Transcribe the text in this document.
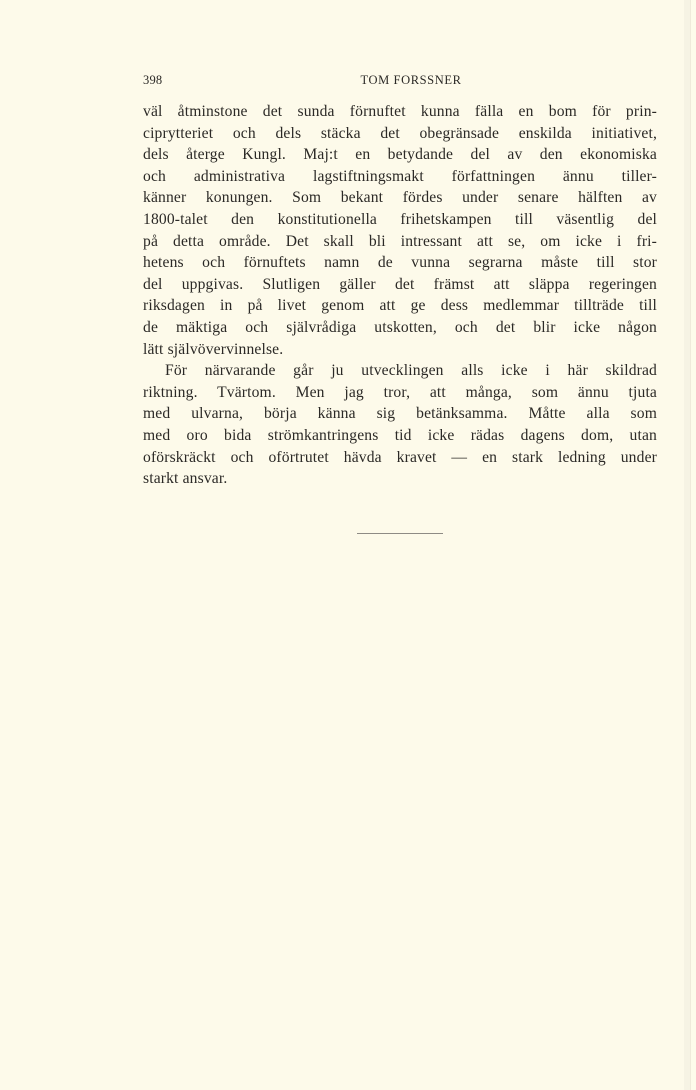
398	TOM FORSSNER
väl åtminstone det sunda förnuftet kunna fälla en bom för prin-
ciprytteriet och dels stäcka det obegränsade enskilda initiativet,
dels återge Kungl. Maj:t en betydande del av den ekonomiska
och administrativa lagstiftningsmakt författningen ännu tiller-
känner konungen. Som bekant fördes under senare hälften av
1800-talet den konstitutionella frihetskampen till väsentlig del
på detta område. Det skall bli intressant att se, om icke i fri-
hetens och förnuftets namn de vunna segrarna måste till stor
del uppgivas. Slutligen gäller det främst att släppa regeringen
riksdagen in på livet genom att ge dess medlemmar tillträde till
de mäktiga och självrådiga utskotten, och det blir icke någon
lätt självövervinnelse.
För närvarande går ju utvecklingen alls icke i här skildrad
riktning. Tvärtom. Men jag tror, att många, som ännu tjuta
med ulvarna, börja känna sig betänksamma. Måtte alla som
med oro bida strömkantringens tid icke rädas dagens dom, utan
oförskräckt och oförtrutet hävda kravet — en stark ledning under
starkt ansvar.
